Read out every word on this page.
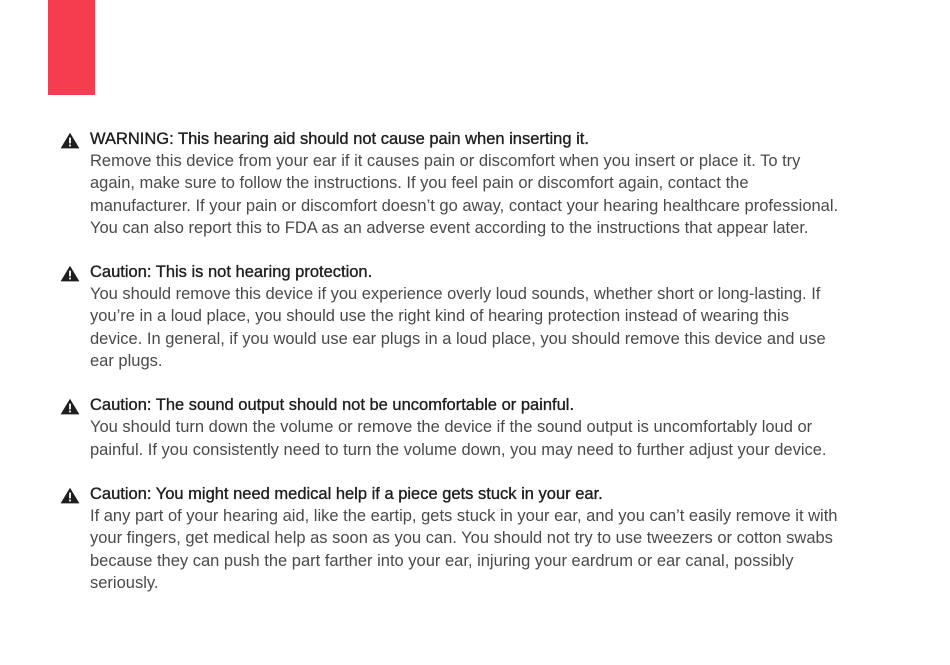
WARNING: This hearing aid should not cause pain when inserting it.

Remove this device from your ear if it causes pain or discomfort when you insert or place it. To try
again, make sure to follow the instructions. If you feel pain or discomfort again, contact the
manufacturer. If your pain or discomfort doesn’t go away, contact your hearing healthcare professional.
You can also report this to FDA as an adverse event according to the instructions that appear later.

Caution: This is not hearing protection.

You should remove this device if you experience overly loud sounds, whether short or long-lasting. If
you’re in a loud place, you should use the right kind of hearing protection instead of wearing this
device. In general, if you would use ear plugs in a loud place, you should remove this device and use
ear plugs.

Caution: The sound output should not be uncomfortable or painful.

You should turn down the volume or remove the device if the sound output is uncomfortably loud or
painful. If you consistently need to turn the volume down, you may need to further adjust your device.

Caution: You might need medical help if a piece gets stuck in your ear.

If any part of your hearing aid, like the eartip, gets stuck in your ear, and you can’t easily remove it with
your fingers, get medical help as soon as you can. You should not try to use tweezers or cotton swabs
because they can push the part farther into your ear, injuring your eardrum or ear canal, possibly
seriously.
